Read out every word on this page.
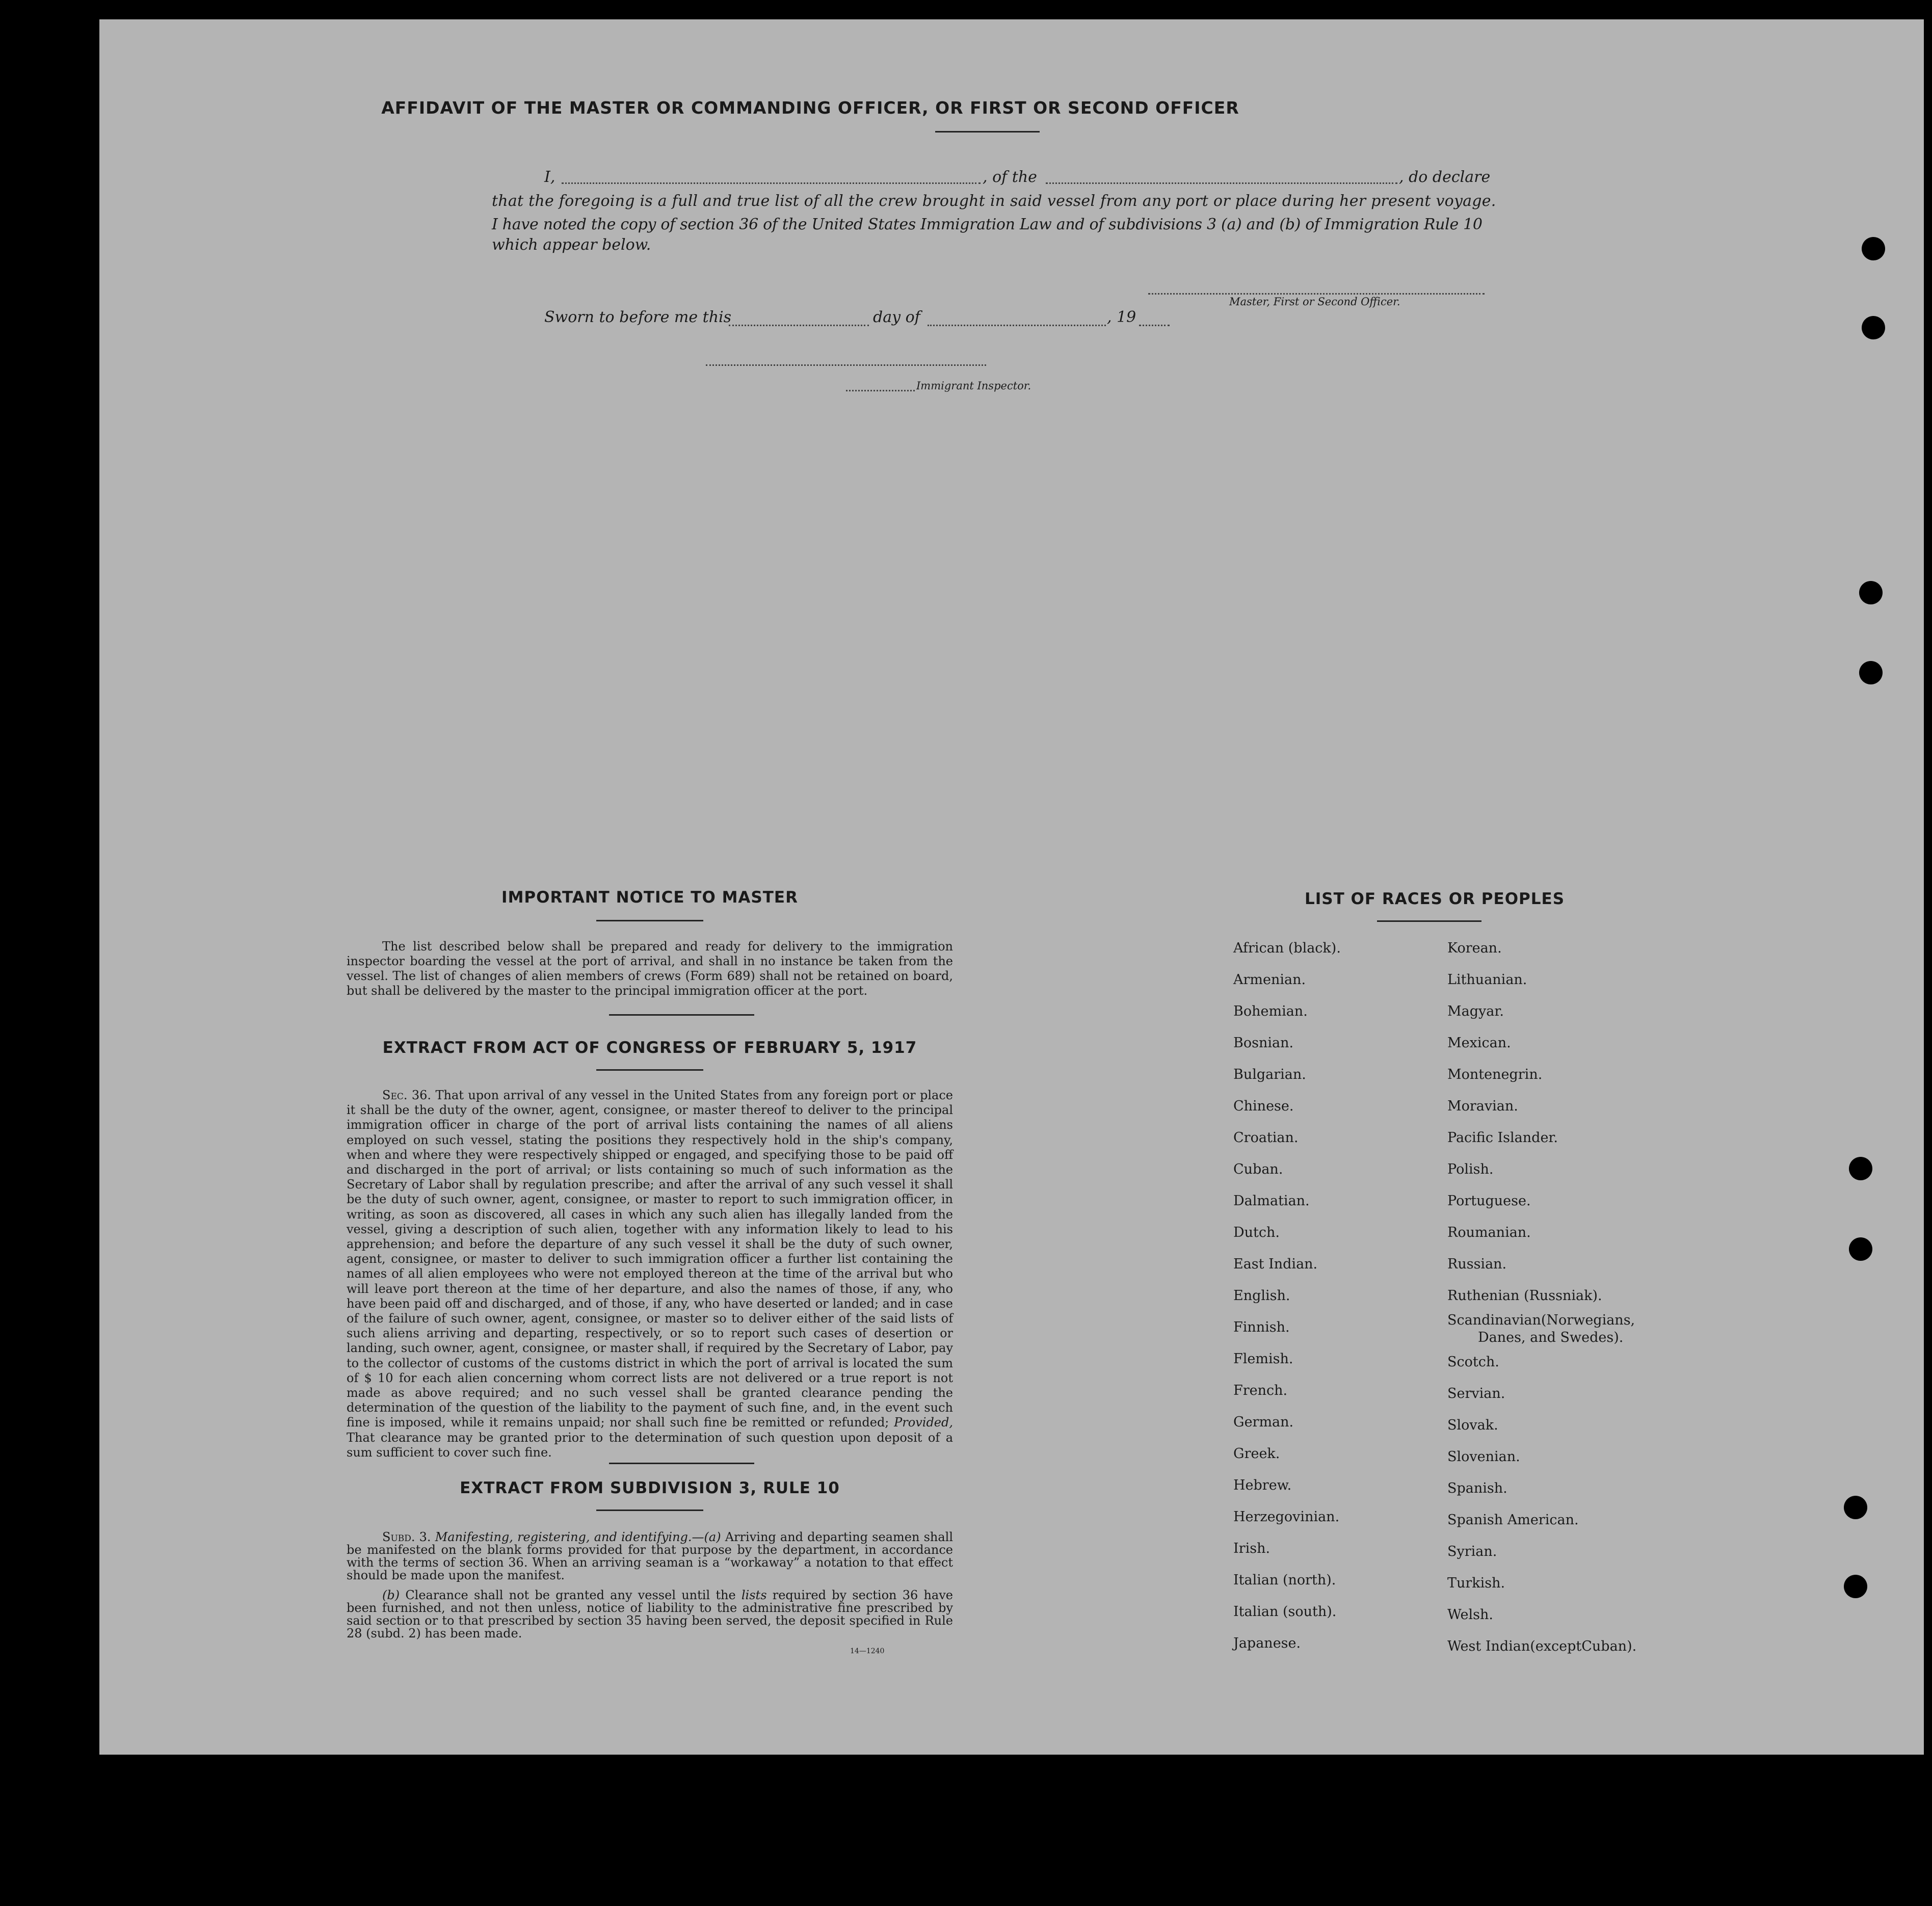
AFFIDAVIT OF THE MASTER OR COMMANDING OFFICER, OR FIRST OR SECOND OFFICER
I,	, of the	, do declare
that the foregoing is a full and true list of all the crew brought in said vessel from any port or place during her present voyage.
I have noted the copy of section 36 of the United States Immigration Law and of subdivisions 3 (a) and (b) of Immigration Rule 10
which appear below.
Master, First or Second Officer.
Sworn to before me this	day of	, 19
Immigrant Inspector.
IMPORTANT NOTICE TO MASTER
The list described below shall be prepared and ready for delivery to the immigration inspector boarding the vessel at the port of arrival, and shall in no instance be taken from the vessel. The list of changes of alien members of crews (Form 689) shall not be retained on board, but shall be delivered by the master to the principal immigration officer at the port.
EXTRACT FROM ACT OF CONGRESS OF FEBRUARY 5, 1917
Sec. 36. That upon arrival of any vessel in the United States from any foreign port or place it shall be the duty of the owner, agent, consignee, or master thereof to deliver to the principal immigration officer in charge of the port of arrival lists containing the names of all aliens employed on such vessel, stating the positions they respectively hold in the ship's company, when and where they were respectively shipped or engaged, and specifying those to be paid off and discharged in the port of arrival; or lists containing so much of such information as the Secretary of Labor shall by regulation prescribe; and after the arrival of any such vessel it shall be the duty of such owner, agent, consignee, or master to report to such immigration officer, in writing, as soon as discovered, all cases in which any such alien has illegally landed from the vessel, giving a description of such alien, together with any information likely to lead to his apprehension; and before the departure of any such vessel it shall be the duty of such owner, agent, consignee, or master to deliver to such immigration officer a further list containing the names of all alien employees who were not employed thereon at the time of the arrival but who will leave port thereon at the time of her departure, and also the names of those, if any, who have been paid off and discharged, and of those, if any, who have deserted or landed; and in case of the failure of such owner, agent, consignee, or master so to deliver either of the said lists of such aliens arriving and departing, respectively, or so to report such cases of desertion or landing, such owner, agent, consignee, or master shall, if required by the Secretary of Labor, pay to the collector of customs of the customs district in which the port of arrival is located the sum of $ 10 for each alien concerning whom correct lists are not delivered or a true report is not made as above required; and no such vessel shall be granted clearance pending the determination of the question of the liability to the payment of such fine, and, in the event such fine is imposed, while it remains unpaid; nor shall such fine be remitted or refunded; Provided, That clearance may be granted prior to the determination of such question upon deposit of a sum sufficient to cover such fine.
EXTRACT FROM SUBDIVISION 3, RULE 10
Subd. 3. Manifesting, registering, and identifying.—(a) Arriving and departing seamen shall be manifested on the blank forms provided for that purpose by the department, in accordance with the terms of section 36. When an arriving seaman is a “workaway” a notation to that effect should be made upon the manifest.
(b) Clearance shall not be granted any vessel until the lists required by section 36 have been furnished, and not then unless, notice of liability to the administrative fine prescribed by said section or to that prescribed by section 35 having been served, the deposit specified in Rule 28 (subd. 2) has been made.
14—1240
LIST OF RACES OR PEOPLES
African (black).
Armenian.
Bohemian.
Bosnian.
Bulgarian.
Chinese.
Croatian.
Cuban.
Dalmatian.
Dutch.
East Indian.
English.
Finnish.
Flemish.
French.
German.
Greek.
Hebrew.
Herzegovinian.
Irish.
Italian (north).
Italian (south).
Japanese.
Korean.
Lithuanian.
Magyar.
Mexican.
Montenegrin.
Moravian.
Pacific Islander.
Polish.
Portuguese.
Roumanian.
Russian.
Ruthenian (Russniak).
Scandinavian(Norwegians,
Danes, and Swedes).
Scotch.
Servian.
Slovak.
Slovenian.
Spanish.
Spanish American.
Syrian.
Turkish.
Welsh.
West Indian(exceptCuban).
